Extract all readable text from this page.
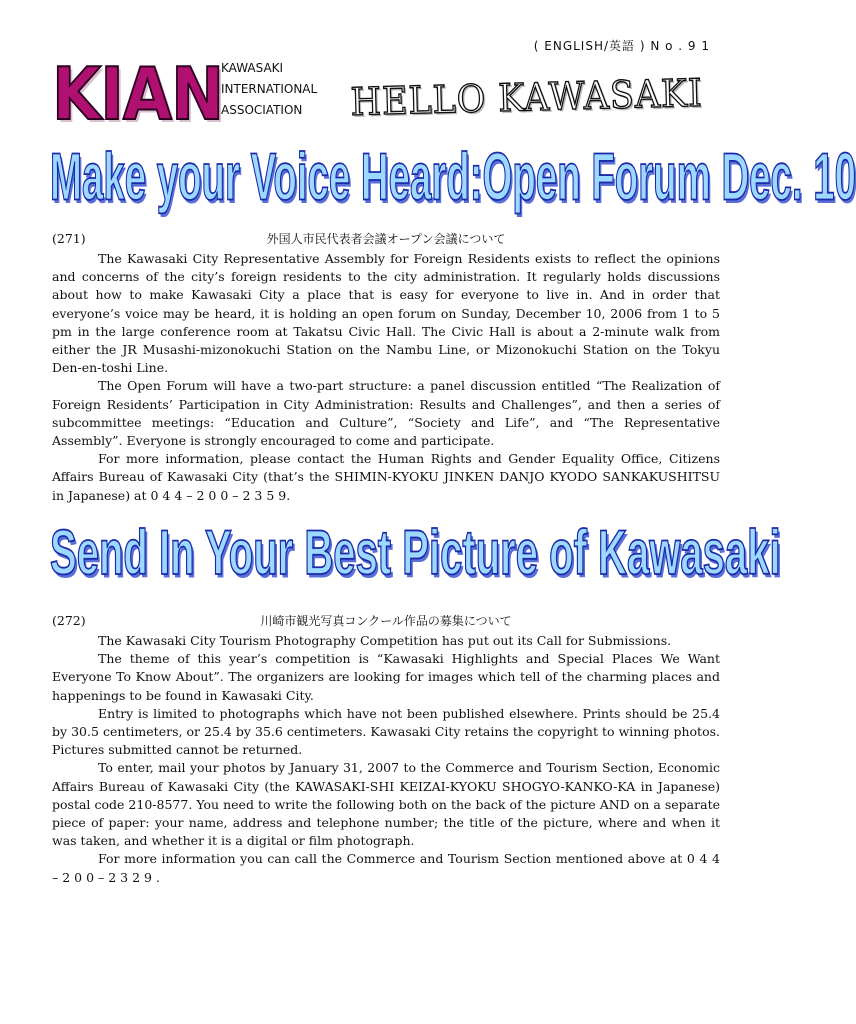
( ENGLISH/英語 ) N o . 9 1
KIAN
KAWASAKI
INTERNATIONAL
ASSOCIATION	HELLO KAWASAKI
Make your Voice Heard:Open Forum Dec. 10
(271)	外国人市民代表者会議オープン会議について

The Kawasaki City Representative Assembly for Foreign Residents exists to reflect the opinions and concerns of the city’s foreign residents to the city administration. It regularly holds discussions about how to make Kawasaki City a place that is easy for everyone to live in. And in order that everyone’s voice may be heard, it is holding an open forum on Sunday, December 10, 2006 from 1 to 5 pm in the large conference room at Takatsu Civic Hall. The Civic Hall is about a 2-minute walk from either the JR Musashi-mizonokuchi Station on the Nambu Line, or Mizonokuchi Station on the Tokyu Den-en-toshi Line.

The Open Forum will have a two-part structure: a panel discussion entitled “The Realization of Foreign Residents’ Participation in City Administration: Results and Challenges”, and then a series of subcommittee meetings: “Education and Culture”, “Society and Life”, and “The Representative Assembly”. Everyone is strongly encouraged to come and participate.

For more information, please contact the Human Rights and Gender Equality Office, Citizens Affairs Bureau of Kawasaki City (that’s the SHIMIN-KYOKU JINKEN DANJO KYODO SANKAKUSHITSU in Japanese) at 0 4 4 – 2 0 0 – 2 3 5 9.

Send In Your Best Picture of Kawasaki
(272)	川崎市観光写真コンクール作品の募集について

The Kawasaki City Tourism Photography Competition has put out its Call for Submissions.

The theme of this year’s competition is “Kawasaki Highlights and Special Places We Want Everyone To Know About”. The organizers are looking for images which tell of the charming places and happenings to be found in Kawasaki City.

Entry is limited to photographs which have not been published elsewhere. Prints should be 25.4 by 30.5 centimeters, or 25.4 by 35.6 centimeters. Kawasaki City retains the copyright to winning photos. Pictures submitted cannot be returned.

To enter, mail your photos by January 31, 2007 to the Commerce and Tourism Section, Economic Affairs Bureau of Kawasaki City (the KAWASAKI-SHI KEIZAI-KYOKU SHOGYO-KANKO-KA in Japanese) postal code 210-8577. You need to write the following both on the back of the picture AND on a separate piece of paper: your name, address and telephone number; the title of the picture, where and when it was taken, and whether it is a digital or film photograph.

For more information you can call the Commerce and Tourism Section mentioned above at 0 4 4 – 2 0 0 – 2 3 2 9 .
